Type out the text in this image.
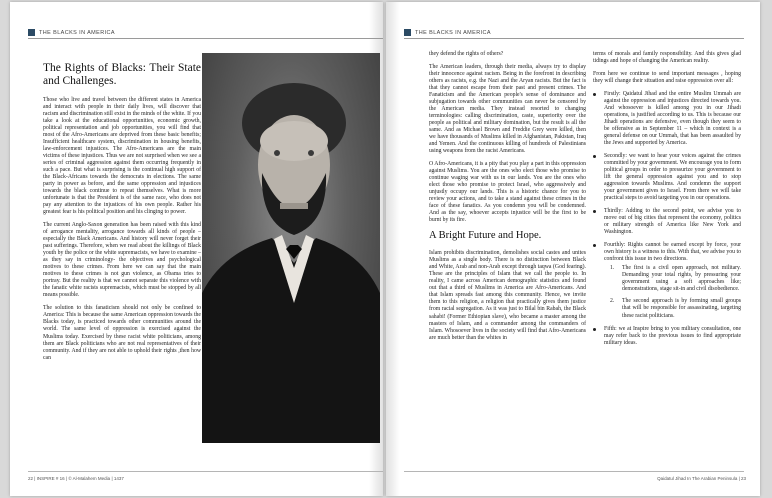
THE BLACKS IN AMERICA
The Rights of Blacks: Their State and Challenges.

Those who live and travel between the different states in America and interact with people in their daily lives, will discover that racism and discrimination still exist in the minds of the white. If you take a look at the educational opportunities, economic growth, political representation and job opportunities, you will find that most of the Afro-Americans are deprived from these basic benefits; Insufficient healthcare system, discrimination in housing benefits, law-enforcement injustices. The Afro-Americans are the main victims of these injustices. Thus we are not surprised when we see a series of criminal aggression against them occurring frequently in such a pace. But what is surprising is the continual high support of the Black-Africans towards the democrats in elections. The same party in power as before, and the same oppression and injustices towards the black continue to repeat themselves. What is more unfortunate is that the President is of the same race, who does not pay any attention to the injustices of his own people. Rather his greatest fear is his political position and his clinging to power.

The current Anglo-Saxon generation has been raised with this kind of arrogance mentality, arrogance towards all kinds of people – especially the Black Americans. And history will never forget their past sufferings. Therefore, when we read about the killings of Black youth by the police or the white supremacists, we have to examine –as they say in criminology- the objectives and psychological motives to these crimes. From here we can say that the main motives to these crimes is not gun violence, as Obama tries to portray. But the reality is that we cannot separate this violence with the fanatic white racists supremacists, which must be stopped by all means possible.

The solution to this fanaticism should not only be confined to America: This is because the same American oppression towards the Blacks today, is practiced towards other communities around the world. The same level of oppression is exercised against the Muslims today. Exercised by these racist white politicians, among them are Black politicians who are not real representatives of their community. And if they are not able to uphold their rights ,then how can

22 | INSPIRE # 16 | © Al-Malahem Media | 1437
THE BLACKS IN AMERICA

they defend the rights of others?

The American leaders, through their media, always try to display their innocence against racism. Being in the forefront in describing others as racists, e.g. the Nazi and the Aryan racists. But the fact is that they cannot escape from their past and present crimes. The Fanaticism and the American people's sense of dominance and subjugation towards other communities can never be censored by the American media. They instead resorted to changing terminologies: calling discrimination, caste, superiority over the people as political and military domination, but the result is all the same. And as Michael Brown and Freddie Grey were killed, then we have thousands of Muslims killed in Afghanistan, Pakistan, Iraq and Yemen. And the continuous killing of hundreds of Palestinians using weapons from the racist Americans.

O Afro-Americans, it is a pity that you play a part in this oppression against Muslims. You are the ones who elect those who promise to continue waging war with us in our lands. You are the ones who elect those who promise to protect Israel, who aggressively and unjustly occupy our lands. This is a historic chance for you to review your actions, and to take a stand against these crimes in the face of these fanatics. As you condemn you will be condemned. And as the say, whoever accepts injustice will be the first to be burnt by its fire.

A Bright Future and Hope.

Islam prohibits discrimination, demolishes social castes and unites Muslims as a single body. There is no distinction between Black and White, Arab and non-Arab except through taqwa (God fearing). These are the principles of Islam that we call the people to. In reality, I came across American demographic statistics and found out that a third of Muslims in America are Afro-Americans. And that Islam spreads fast among this community. Hence, we invite them to this religion, a religion that practically gives them justice from racial segregation. As it was just to Bilal bin Rabah, the Black sahabi! (Former Ethiopian slave), who became a master among the masters of Islam, and a commander among the commanders of Islam. Whosoever lives in the society will find that Afro-Americans are much better than the whites in

terms of morals and family responsibility. And this gives glad tidings and hope of changing the American reality.

From here we continue to send important messages , hoping they will change their situation and raise oppression over all:

Firstly: Qaidatul Jihad and the entire Muslim Ummah are against the oppression and injustices directed towards you. And whosoever is killed among you in our Jihadi operations, is justified according to us. This is because our Jihadi operations are defensive, even though they seem to be offensive as in September 11 – which in context is a general defense on our Ummah, that has been assaulted by the Jews and supported by America.
Secondly: we want to hear your voices against the crimes committed by your government. We encourage you to form political groups in order to pressurize your government to lift the general oppression against you and to stop aggression towards Muslims. And condemn the support your government gives to Israel. From there we will take practical steps to avoid targeting you in our operations.
Thirdly: Adding to the second point, we advise you to move out of big cities that represent the economy, politics or military strength of America like New York and Washington.
Fourthly: Rights cannot be earned except by force, your own history is a witness to this. With that, we advise you to confront this issue in two directions.
1. The first is a civil open approach, not military. Demanding your total rights, by pressuring your government using a soft approaches like; demonstrations, stage sit-in and civil disobedience.
2. The second approach is by forming small groups that will be responsible for assassinating, targeting these racist politicians.
Fifth: we at Inspire bring to you military consultation, one may refer back to the previous issues to find appropriate military ideas.
Qaidatul Jihad In The Arabian Peninsula | 23
